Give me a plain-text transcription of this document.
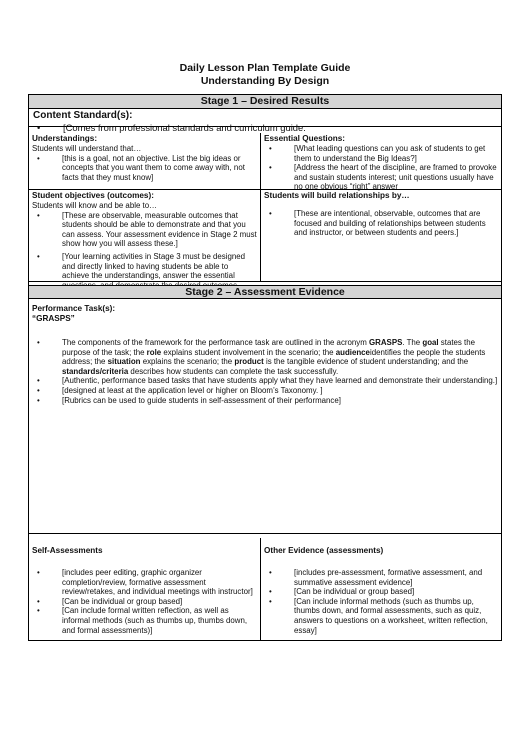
Daily Lesson Plan Template Guide
Understanding By Design
Stage 1 – Desired Results
Content Standard(s):
• [Comes from professional standards and curriculum guide.
Understandings:
Students will understand that…
•	[this is a goal, not an objective. List the big ideas or concepts that you want them to come away with, not facts that they must know]
Essential Questions:
•	[What leading questions can you ask of students to get them to understand the Big Ideas?]
•	[Address the heart of the discipline, are framed to provoke and sustain students interest; unit questions usually have no one obvious “right” answer
Student objectives (outcomes):
Students will know and be able to…
•	[These are observable, measurable outcomes that students should be able to demonstrate and that you can assess. Your assessment evidence in Stage 2 must show how you will assess these.]
•	[Your learning activities in Stage 3 must be designed and directly linked to having students be able to achieve the understandings, answer the essential
Students will build relationships by…
•	[These are intentional, observable, outcomes that are focused and building of relationships between students and instructor, or between students and peers.]
Stage 2 – Assessment Evidence
Performance Task(s):
“GRASPS”
•	The components of the framework for the performance task are outlined in the acronym GRASPS. The goal states the purpose of the task; the role explains student involvement in the scenario; the audienceidentifies the people the students address; the situation explains the scenario; the product is the tangible evidence of student understanding; and the standards/criteria describes how students can complete the task successfully.
•	[Authentic, performance based tasks that have students apply what they have learned and demonstrate their understanding.]
•	[designed at least at the application level or higher on Bloom’s Taxonomy. ]
•	[Rubrics can be used to guide students in self-assessment of their performance]
Self-Assessments
•	[includes peer editing, graphic organizer completion/review, formative assessment review/retakes, and individual meetings with instructor]
•	[Can be individual or group based]
•	[Can include formal written reflection, as well as informal methods (such as thumbs up, thumbs down, and formal assessments)]
Other Evidence (assessments)
•	[includes pre-assessment, formative assessment, and summative assessment evidence]
•	[Can be individual or group based]
•	[Can include informal methods (such as thumbs up, thumbs down, and formal assessments, such as quiz, answers to questions on a worksheet, written reflection, essay]
